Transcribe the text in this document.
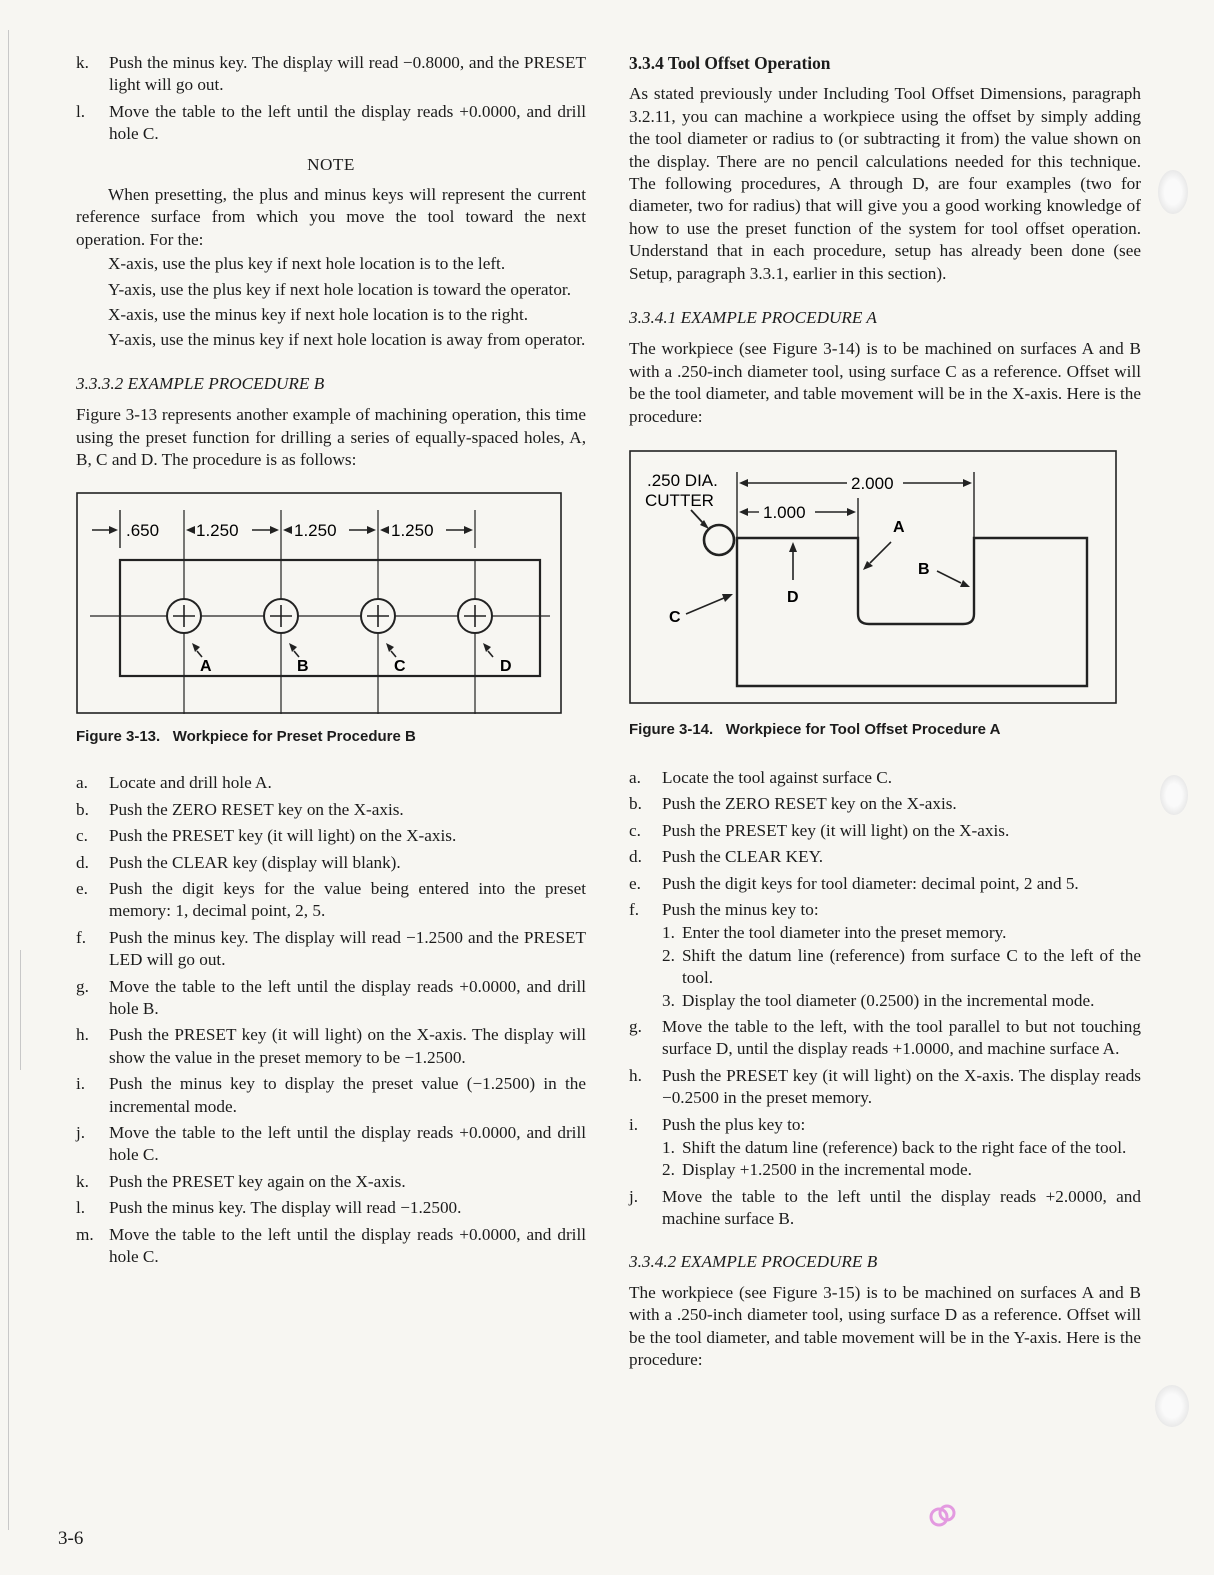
k.	Push the minus key. The display will read −0.8000, and the PRESET light will go out.
l.	Move the table to the left until the display reads +0.0000, and drill hole C.
NOTE

When presetting, the plus and minus keys will represent the current reference surface from which you move the tool toward the next operation. For the:

X-axis, use the plus key if next hole location is to the left.
Y-axis, use the plus key if next hole location is toward the operator.
X-axis, use the minus key if next hole location is to the right.
Y-axis, use the minus key if next hole location is away from operator.
3.3.3.2 EXAMPLE PROCEDURE B

Figure 3-13 represents another example of machining operation, this time using the preset function for drilling a series of equally-spaced holes, A, B, C and D. The procedure is as follows:

.650 1.250	1.250	1.250
A	B	C	D
Figure 3-13.   Workpiece for Preset Procedure B
a.	Locate and drill hole A.
b.	Push the ZERO RESET key on the X-axis.
c.	Push the PRESET key (it will light) on the X-axis.
d.	Push the CLEAR key (display will blank).
e.	Push the digit keys for the value being entered into the preset memory: 1, decimal point, 2, 5.
f.	Push the minus key. The display will read −1.2500 and the PRESET LED will go out.
g.	Move the table to the left until the display reads +0.0000, and drill hole B.
h.	Push the PRESET key (it will light) on the X-axis. The display will show the value in the preset memory to be −1.2500.
i.	Push the minus key to display the preset value (−1.2500) in the incremental mode.
j.	Move the table to the left until the display reads +0.0000, and drill hole C.
k.	Push the PRESET key again on the X-axis.
l.	Push the minus key. The display will read −1.2500.
m. Move the table to the left until the display reads +0.0000, and drill hole C.
3.3.4 Tool Offset Operation

As stated previously under Including Tool Offset Dimensions, paragraph 3.2.11, you can machine a workpiece using the offset by simply adding the tool diameter or radius to (or subtracting it from) the value shown on the display. There are no pencil calculations needed for this technique. The following procedures, A through D, are four examples (two for diameter, two for radius) that will give you a good working knowledge of how to use the preset function of the system for tool offset operation. Understand that in each procedure, setup has already been done (see Setup, paragraph 3.3.1, earlier in this section).

3.3.4.1 EXAMPLE PROCEDURE A

The workpiece (see Figure 3-14) is to be machined on surfaces A and B with a .250-inch diameter tool, using surface C as a reference. Offset will be the tool diameter, and table movement will be in the X-axis. Here is the procedure:

.250 DIA.
CUTTER
2.000
1.000
A
B
C
D
Figure 3-14.   Workpiece for Tool Offset Procedure A
a.	Locate the tool against surface C.
b.	Push the ZERO RESET key on the X-axis.
c.	Push the PRESET key (it will light) on the X-axis.
d.	Push the CLEAR KEY.
e.	Push the digit keys for tool diameter: decimal point, 2 and 5.
f.	Push the minus key to:
1. Enter the tool diameter into the preset memory.
2. Shift the datum line (reference) from surface C to the left of the tool.
3. Display the tool diameter (0.2500) in the incremental mode.
g.	Move the table to the left, with the tool parallel to but not touching surface D, until the display reads +1.0000, and machine surface A.
h.	Push the PRESET key (it will light) on the X-axis. The display reads −0.2500 in the preset memory.
i.	Push the plus key to:
1. Shift the datum line (reference) back to the right face of the tool.
2. Display +1.2500 in the incremental mode.
j.	Move the table to the left until the display reads +2.0000, and machine surface B.
3.3.4.2 EXAMPLE PROCEDURE B

The workpiece (see Figure 3-15) is to be machined on surfaces A and B with a .250-inch diameter tool, using surface D as a reference. Offset will be the tool diameter, and table movement will be in the Y-axis. Here is the procedure:

3-6
